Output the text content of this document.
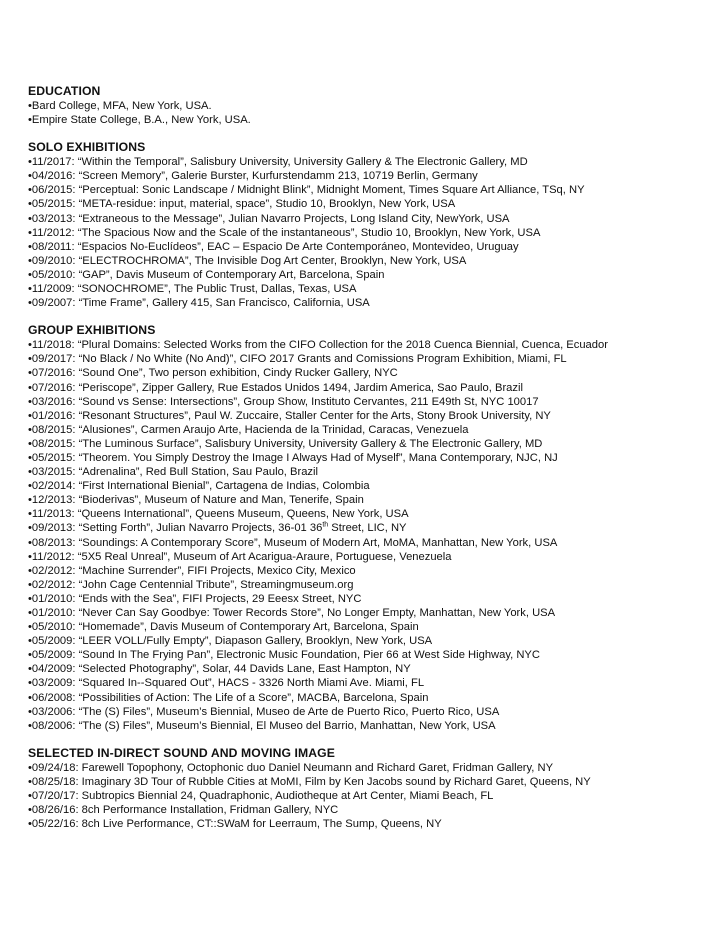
EDUCATION
•Bard College, MFA, New York, USA.
•Empire State College, B.A., New York, USA.
SOLO EXHIBITIONS
•11/2017: “Within the Temporal”, Salisbury University, University Gallery & The Electronic Gallery, MD
•04/2016: “Screen Memory”, Galerie Burster, Kurfurstendamm 213, 10719 Berlin, Germany
•06/2015: “Perceptual: Sonic Landscape / Midnight Blink”, Midnight Moment, Times Square Art Alliance, TSq, NY
•05/2015: “META-residue: input, material, space”, Studio 10, Brooklyn, New York, USA
•03/2013: “Extraneous to the Message”, Julian Navarro Projects, Long Island City, NewYork, USA
•11/2012: “The Spacious Now and the Scale of the instantaneous”, Studio 10, Brooklyn, New York, USA
•08/2011: “Espacios No-Euclídeos”, EAC – Espacio De Arte Contemporáneo, Montevideo, Uruguay
•09/2010: “ELECTROCHROMA”, The Invisible Dog Art Center, Brooklyn, New York, USA
•05/2010: “GAP”, Davis Museum of Contemporary Art, Barcelona, Spain
•11/2009: “SONOCHROME”, The Public Trust, Dallas, Texas, USA
•09/2007: “Time Frame”, Gallery 415, San Francisco, California, USA
GROUP EXHIBITIONS
•11/2018: “Plural Domains: Selected Works from the CIFO Collection for the 2018 Cuenca Biennial, Cuenca, Ecuador
•09/2017: “No Black / No White (No And)”, CIFO 2017 Grants and Comissions Program Exhibition, Miami, FL
•07/2016: “Sound One”, Two person exhibition, Cindy Rucker Gallery, NYC
•07/2016: “Periscope”, Zipper Gallery, Rue Estados Unidos 1494, Jardim America, Sao Paulo, Brazil
•03/2016: “Sound vs Sense: Intersections”, Group Show, Instituto Cervantes, 211 E49th St, NYC 10017
•01/2016: “Resonant Structures”, Paul W. Zuccaire, Staller Center for the Arts, Stony Brook University, NY
•08/2015: “Alusiones”, Carmen Araujo Arte, Hacienda de la Trinidad, Caracas, Venezuela
•08/2015: “The Luminous Surface”, Salisbury University, University Gallery & The Electronic Gallery, MD
•05/2015: “Theorem. You Simply Destroy the Image I Always Had of Myself”, Mana Contemporary, NJC, NJ
•03/2015: “Adrenalina”, Red Bull Station, Sau Paulo, Brazil
•02/2014: “First International Bienial”, Cartagena de Indias, Colombia
•12/2013: “Bioderivas”, Museum of Nature and Man, Tenerife, Spain
•11/2013: “Queens International”, Queens Museum, Queens, New York, USA
•09/2013: “Setting Forth”, Julian Navarro Projects, 36-01 36th Street, LIC, NY
•08/2013: “Soundings: A Contemporary Score”, Museum of Modern Art, MoMA, Manhattan, New York, USA
•11/2012: “5X5 Real Unreal”, Museum of Art Acarigua-Araure, Portuguese, Venezuela
•02/2012: “Machine Surrender”, FIFI Projects, Mexico City, Mexico
•02/2012: “John Cage Centennial Tribute”, Streamingmuseum.org
•01/2010: “Ends with the Sea”, FIFI Projects, 29 Eeesx Street, NYC
•01/2010: “Never Can Say Goodbye: Tower Records Store”, No Longer Empty, Manhattan, New York, USA
•05/2010: “Homemade”, Davis Museum of Contemporary Art, Barcelona, Spain
•05/2009: “LEER VOLL/Fully Empty”, Diapason Gallery, Brooklyn, New York, USA
•05/2009: “Sound In The Frying Pan”, Electronic Music Foundation, Pier 66 at West Side Highway, NYC
•04/2009: “Selected Photography”, Solar, 44 Davids Lane, East Hampton, NY
•03/2009: “Squared In--Squared Out”, HACS - 3326 North Miami Ave. Miami, FL
•06/2008: “Possibilities of Action: The Life of a Score”, MACBA, Barcelona, Spain
•03/2006: “The (S) Files”, Museum’s Biennial, Museo de Arte de Puerto Rico, Puerto Rico, USA
•08/2006: “The (S) Files”, Museum’s Biennial, El Museo del Barrio, Manhattan, New York, USA
SELECTED IN-DIRECT SOUND AND MOVING IMAGE
•09/24/18: Farewell Topophony, Octophonic duo Daniel Neumann and Richard Garet, Fridman Gallery, NY
•08/25/18: Imaginary 3D Tour of Rubble Cities at MoMI, Film by Ken Jacobs sound by Richard Garet, Queens, NY
•07/20/17: Subtropics Biennial 24, Quadraphonic, Audiotheque at Art Center, Miami Beach, FL
•08/26/16: 8ch Performance Installation, Fridman Gallery, NYC
•05/22/16: 8ch Live Performance, CT::SWaM for Leerraum, The Sump, Queens, NY
